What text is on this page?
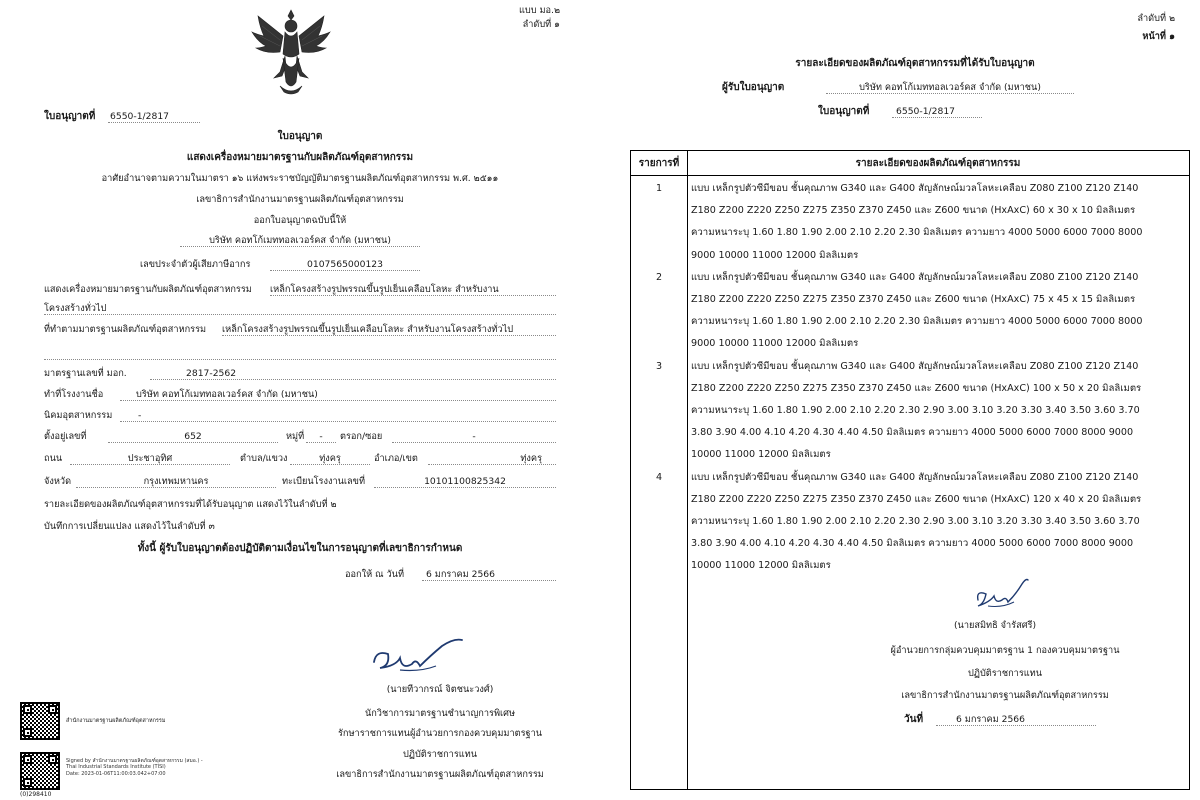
แบบ มอ.๒
ลำดับที่ ๑
ใบอนุญาตที่ 6550-1/2817
ใบอนุญาต
แสดงเครื่องหมายมาตรฐานกับผลิตภัณฑ์อุตสาหกรรม
อาศัยอำนาจตามความในมาตรา ๑๖ แห่งพระราชบัญญัติมาตรฐานผลิตภัณฑ์อุตสาหกรรม พ.ศ. ๒๕๑๑
เลขาธิการสำนักงานมาตรฐานผลิตภัณฑ์อุตสาหกรรม
ออกใบอนุญาตฉบับนี้ให้
บริษัท คอทโก้เมททอลเวอร์คส จำกัด (มหาชน)
เลขประจำตัวผู้เสียภาษีอากร	0107565000123
แสดงเครื่องหมายมาตรฐานกับผลิตภัณฑ์อุตสาหกรรม เหล็กโครงสร้างรูปพรรณขึ้นรูปเย็นเคลือบโลหะ สำหรับงาน
โครงสร้างทั่วไป
ที่ทำตามมาตรฐานผลิตภัณฑ์อุตสาหกรรม เหล็กโครงสร้างรูปพรรณขึ้นรูปเย็นเคลือบโลหะ สำหรับงานโครงสร้างทั่วไป
มาตรฐานเลขที่ มอก.	2817-2562
ทำที่โรงงานชื่อ	บริษัท คอทโก้เมททอลเวอร์คส จำกัด (มหาชน)
นิคมอุตสาหกรรม	-
ตั้งอยู่เลขที่	652	หมู่ที่	-	ตรอก/ซอย	-
ถนน	ประชาอุทิศ	ตำบล/แขวง	ทุ่งครุ	อำเภอ/เขต	ทุ่งครุ
จังหวัด	กรุงเทพมหานคร	ทะเบียนโรงงานเลขที่	10101100825342
รายละเอียดของผลิตภัณฑ์อุตสาหกรรมที่ได้รับอนุญาต แสดงไว้ในลำดับที่ ๒
บันทึกการเปลี่ยนแปลง แสดงไว้ในลำดับที่ ๓
ทั้งนี้ ผู้รับใบอนุญาตต้องปฏิบัติตามเงื่อนไขในการอนุญาตที่เลขาธิการกำหนด
ออกให้ ณ วันที่	6 มกราคม 2566
(นายทีวากรณ์ จิตชนะวงศ์)
นักวิชาการมาตรฐานชำนาญการพิเศษ
รักษาราชการแทนผู้อำนวยการกองควบคุมมาตรฐาน
ปฏิบัติราชการแทน
เลขาธิการสำนักงานมาตรฐานผลิตภัณฑ์อุตสาหกรรม
สำนักงานมาตรฐานผลิตภัณฑ์อุตสาหกรรม
Signed by สำนักงานมาตรฐานผลิตภัณฑ์อุตสาหกรรม (สมอ.) -
Thai Industrial Standards Institute (TISI)
Date: 2023-01-06T11:00:03.042+07:00
(0)298410
ลำดับที่ ๒
หน้าที่ ๑
รายละเอียดของผลิตภัณฑ์อุตสาหกรรมที่ได้รับใบอนุญาต
ผู้รับใบอนุญาต	บริษัท คอทโก้เมททอลเวอร์คส จำกัด (มหาชน)
ใบอนุญาตที่	6550-1/2817
รายการที่	รายละเอียดของผลิตภัณฑ์อุตสาหกรรม
1	แบบ เหล็กรูปตัวซีมีขอบ ชั้นคุณภาพ G340 และ G400 สัญลักษณ์มวลโลหะเคลือบ Z080 Z100 Z120 Z140
Z180 Z200 Z220 Z250 Z275 Z350 Z370 Z450 และ Z600 ขนาด (HxAxC) 60 x 30 x 10 มิลลิเมตร
ความหนาระบุ 1.60 1.80 1.90 2.00 2.10 2.20 2.30 มิลลิเมตร ความยาว 4000 5000 6000 7000 8000
9000 10000 11000 12000 มิลลิเมตร
2	แบบ เหล็กรูปตัวซีมีขอบ ชั้นคุณภาพ G340 และ G400 สัญลักษณ์มวลโลหะเคลือบ Z080 Z100 Z120 Z140
Z180 Z200 Z220 Z250 Z275 Z350 Z370 Z450 และ Z600 ขนาด (HxAxC) 75 x 45 x 15 มิลลิเมตร
ความหนาระบุ 1.60 1.80 1.90 2.00 2.10 2.20 2.30 มิลลิเมตร ความยาว 4000 5000 6000 7000 8000
9000 10000 11000 12000 มิลลิเมตร
3	แบบ เหล็กรูปตัวซีมีขอบ ชั้นคุณภาพ G340 และ G400 สัญลักษณ์มวลโลหะเคลือบ Z080 Z100 Z120 Z140
Z180 Z200 Z220 Z250 Z275 Z350 Z370 Z450 และ Z600 ขนาด (HxAxC) 100 x 50 x 20 มิลลิเมตร
ความหนาระบุ 1.60 1.80 1.90 2.00 2.10 2.20 2.30 2.90 3.00 3.10 3.20 3.30 3.40 3.50 3.60 3.70
3.80 3.90 4.00 4.10 4.20 4.30 4.40 4.50 มิลลิเมตร ความยาว 4000 5000 6000 7000 8000 9000
10000 11000 12000 มิลลิเมตร
4	แบบ เหล็กรูปตัวซีมีขอบ ชั้นคุณภาพ G340 และ G400 สัญลักษณ์มวลโลหะเคลือบ Z080 Z100 Z120 Z140
Z180 Z200 Z220 Z250 Z275 Z350 Z370 Z450 และ Z600 ขนาด (HxAxC) 120 x 40 x 20 มิลลิเมตร
ความหนาระบุ 1.60 1.80 1.90 2.00 2.10 2.20 2.30 2.90 3.00 3.10 3.20 3.30 3.40 3.50 3.60 3.70
3.80 3.90 4.00 4.10 4.20 4.30 4.40 4.50 มิลลิเมตร ความยาว 4000 5000 6000 7000 8000 9000
10000 11000 12000 มิลลิเมตร
(นายสมิทธิ จำรัสศรี)
ผู้อำนวยการกลุ่มควบคุมมาตรฐาน 1 กองควบคุมมาตรฐาน
ปฏิบัติราชการแทน
เลขาธิการสำนักงานมาตรฐานผลิตภัณฑ์อุตสาหกรรม
วันที่	6 มกราคม 2566
